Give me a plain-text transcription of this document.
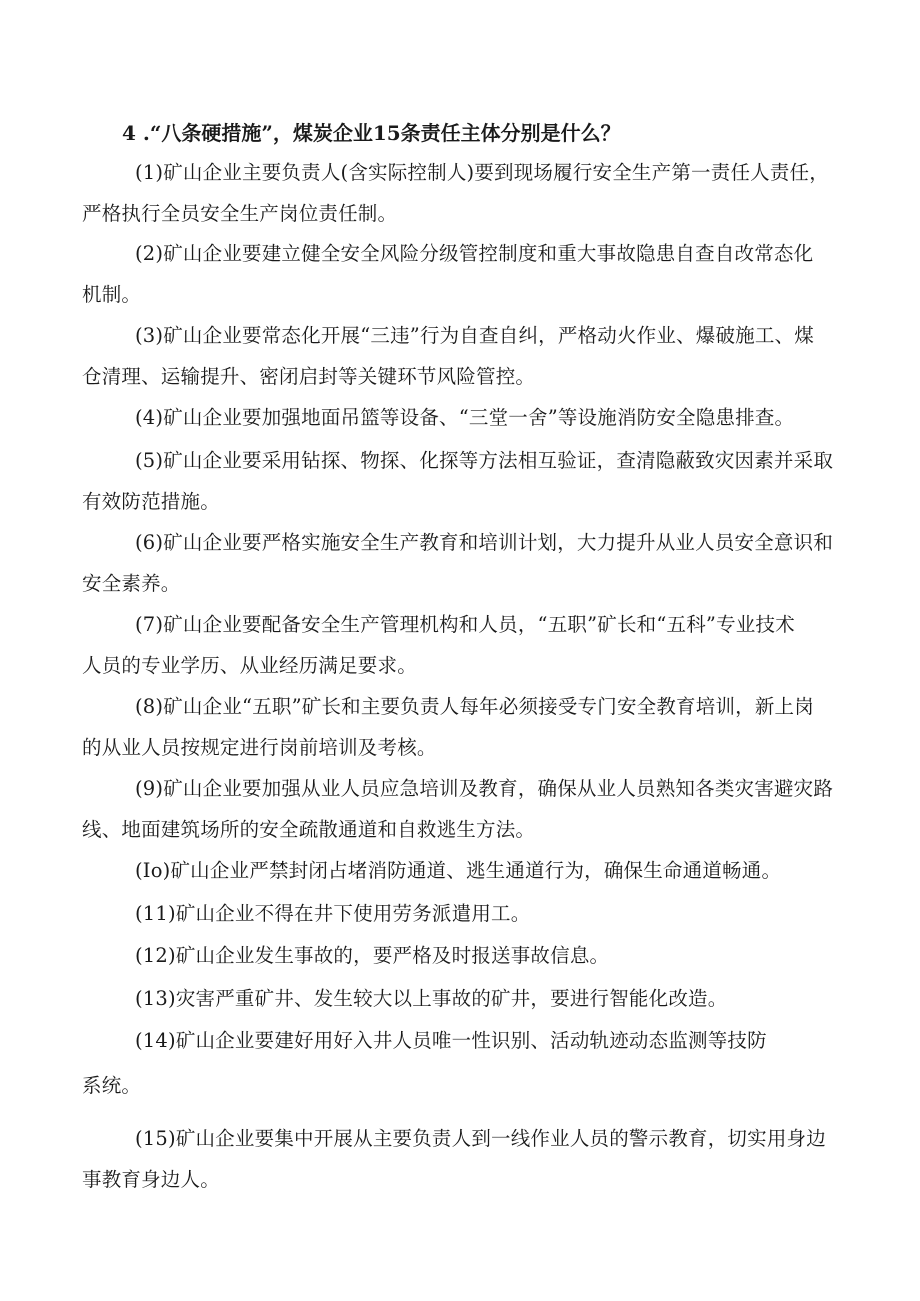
4 .“八条硬措施”，煤炭企业15条责任主体分别是什么？

(1)矿山企业主要负责人(含实际控制人)要到现场履行安全生产第一责任人责任，
严格执行全员安全生产岗位责任制。

(2)矿山企业要建立健全安全风险分级管控制度和重大事故隐患自查自改常态化
机制。

(3)矿山企业要常态化开展“三违”行为自查自纠，严格动火作业、爆破施工、煤
仓清理、运输提升、密闭启封等关键环节风险管控。

(4)矿山企业要加强地面吊篮等设备、“三堂一舍”等设施消防安全隐患排查。

(5)矿山企业要采用钻探、物探、化探等方法相互验证，查清隐蔽致灾因素并采取
有效防范措施。

(6)矿山企业要严格实施安全生产教育和培训计划，大力提升从业人员安全意识和
安全素养。

(7)矿山企业要配备安全生产管理机构和人员，“五职”矿长和“五科”专业技术
人员的专业学历、从业经历满足要求。

(8)矿山企业“五职”矿长和主要负责人每年必须接受专门安全教育培训，新上岗
的从业人员按规定进行岗前培训及考核。

(9)矿山企业要加强从业人员应急培训及教育，确保从业人员熟知各类灾害避灾路
线、地面建筑场所的安全疏散通道和自救逃生方法。

(Io)矿山企业严禁封闭占堵消防通道、逃生通道行为，确保生命通道畅通。

(11)矿山企业不得在井下使用劳务派遣用工。

(12)矿山企业发生事故的，要严格及时报送事故信息。

(13)灾害严重矿井、发生较大以上事故的矿井，要进行智能化改造。

(14)矿山企业要建好用好入井人员唯一性识别、活动轨迹动态监测等技防

系统。

(15)矿山企业要集中开展从主要负责人到一线作业人员的警示教育，切实用身边
事教育身边人。
